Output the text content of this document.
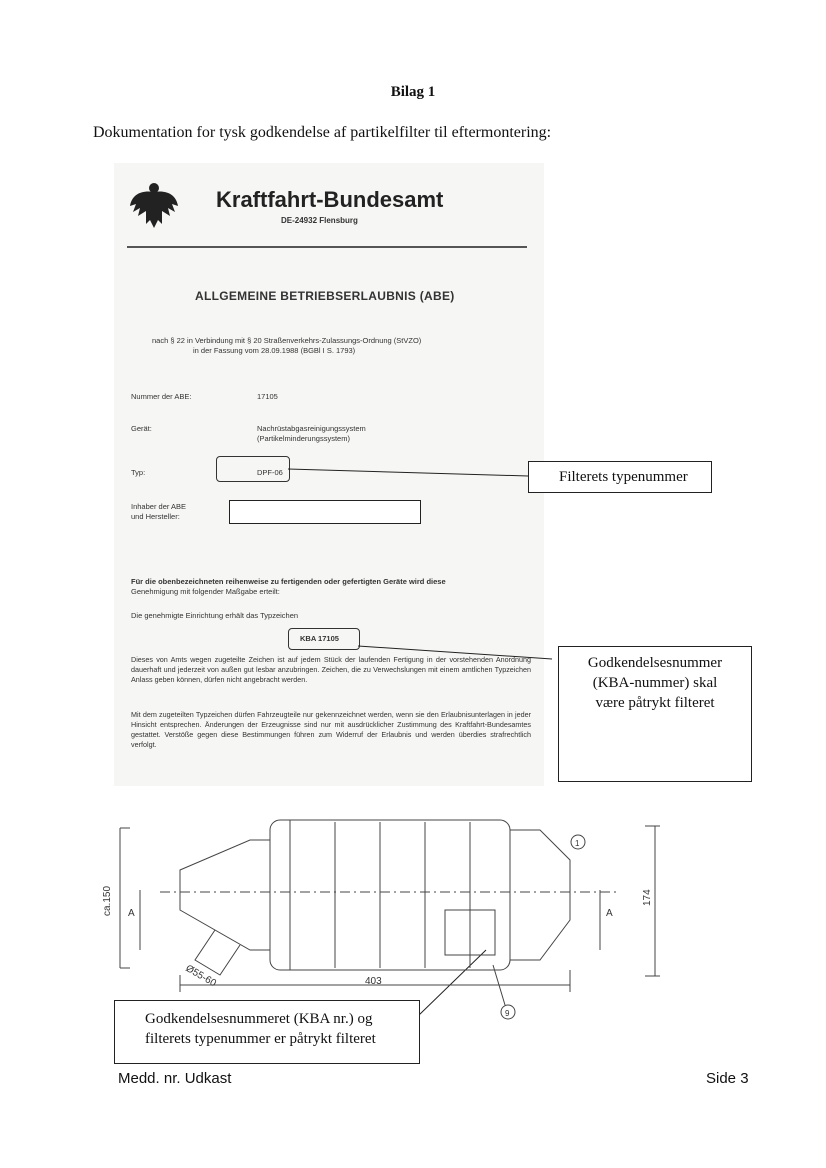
Bilag 1
Dokumentation for tysk godkendelse af partikelfilter til eftermontering:
Kraftfahrt-Bundesamt
DE-24932 Flensburg
ALLGEMEINE BETRIEBSERLAUBNIS (ABE)
nach § 22 in Verbindung mit § 20 Straßenverkehrs-Zulassungs-Ordnung (StVZO)
in der Fassung vom 28.09.1988 (BGBl I S. 1793)
Nummer der ABE:	17105
Gerät:	Nachrüstabgasreinigungssystem
(Partikelminderungssystem)
Typ:	DPF-06
Inhaber der ABE
und Hersteller:
Für die obenbezeichneten reihenweise zu fertigenden oder gefertigten Geräte wird diese
Genehmigung mit folgender Maßgabe erteilt:
Die genehmigte Einrichtung erhält das Typzeichen
KBA 17105
Dieses von Amts wegen zugeteilte Zeichen ist auf jedem Stück der laufenden Fertigung in der vorstehenden Anordnung dauerhaft und jederzeit von außen gut lesbar anzubringen. Zeichen, die zu Verwechslungen mit einem amtlichen Typzeichen Anlass geben können, dürfen nicht angebracht werden.
Mit dem zugeteilten Typzeichen dürfen Fahrzeugteile nur gekennzeichnet werden, wenn sie den Erlaubnisunterlagen in jeder Hinsicht entsprechen. Änderungen der Erzeugnisse sind nur mit ausdrücklicher Zustimmung des Kraftfahrt-Bundesamtes gestattet. Verstöße gegen diese Bestimmungen führen zum Widerruf der Erlaubnis und werden überdies strafrechtlich verfolgt.
Filterets typenummer
Godkendelsesnummer
(KBA-nummer) skal
være påtrykt filteret
ca.150	174
403
Ø55-60
1
9
A	A
Godkendelsesnummeret (KBA nr.) og
filterets typenummer er påtrykt filteret
Medd. nr. Udkast	Side 3
